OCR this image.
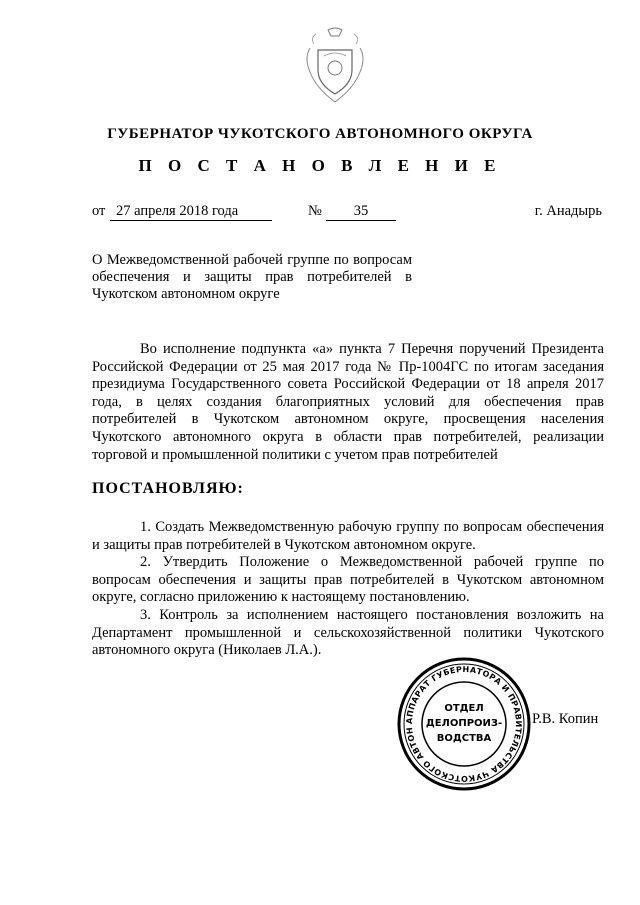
ГУБЕРНАТОР ЧУКОТСКОГО АВТОНОМНОГО ОКРУГА
П О С Т А Н О В Л Е Н И Е
от 27 апреля 2018 года	№	35	г. Анадырь
О Межведомственной рабочей группе по вопросам обеспечения и защиты прав потребителей в Чукотском автономном округе

Во исполнение подпункта «а» пункта 7 Перечня поручений Президента Российской Федерации от 25 мая 2017 года № Пр-1004ГС по итогам заседания президиума Государственного совета Российской Федерации от 18 апреля 2017 года, в целях создания благоприятных условий для обеспечения прав потребителей в Чукотском автономном округе, просвещения населения Чукотского автономного округа в области прав потребителей, реализации торговой и промышленной политики с учетом прав потребителей

ПОСТАНОВЛЯЮ:

1. Создать Межведомственную рабочую группу по вопросам обеспечения и защиты прав потребителей в Чукотском автономном округе.

2. Утвердить Положение о Межведомственной рабочей группе по вопросам обеспечения и защиты прав потребителей в Чукотском автономном округе, согласно приложению к настоящему постановлению.

3. Контроль за исполнением настоящего постановления возложить на Департамент промышленной и сельскохозяйственной политики Чукотского автономного округа (Николаев Л.А.).

АППАРАТ ГУБЕРНАТОРА И ПРАВИТЕЛЬСТВА ЧУКОТСКОГО АВТОН
ОТДЕЛ
ДЕЛОПРОИЗ-
ВОДСТВА
Р.В. Копин
